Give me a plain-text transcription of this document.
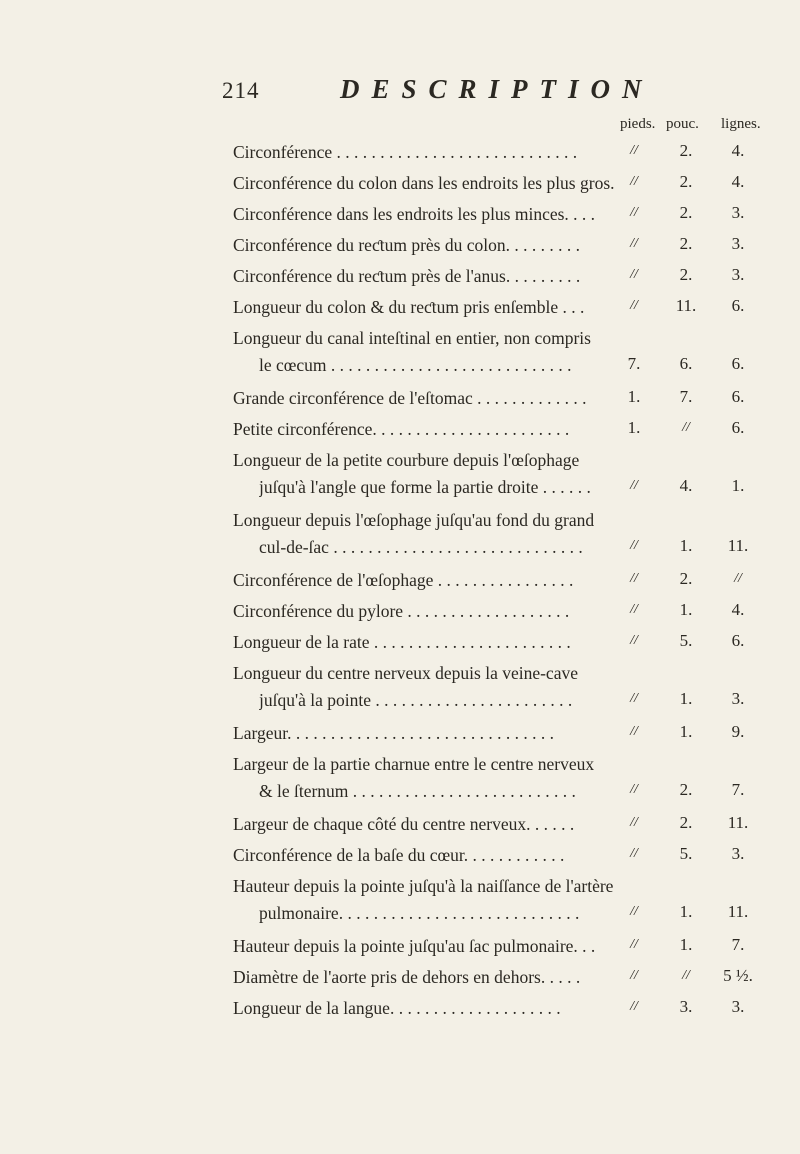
214	DESCRIPTION
pieds. pouc. lignes.
Circonférence . . . . . . . . . . . . . . . . . . . . . . . . . . . .	//	2.	4.
Circonférence du colon dans les endroits les plus gros.	//	2.	4.
Circonférence dans les endroits les plus minces. . . .	//	2.	3.
Circonférence du reƈtum près du colon. . . . . . . . .	//	2.	3.
Circonférence du reƈtum près de l'anus. . . . . . . . .	//	2.	3.
Longueur du colon & du reƈtum pris enſemble . . .	//	11.	6.
Longueur du canal inteſtinal en entier, non compris
le cœcum . . . . . . . . . . . . . . . . . . . . . . . . . . . .	7.	6.	6.
Grande circonférence de l'eſtomac . . . . . . . . . . . . .	1.	7.	6.
Petite circonférence. . . . . . . . . . . . . . . . . . . . . . .	1.	//	6.
Longueur de la petite courbure depuis l'œſophage
juſqu'à l'angle que forme la partie droite . . . . . .	//	4.	1.
Longueur depuis l'œſophage juſqu'au fond du grand
cul-de-ſac . . . . . . . . . . . . . . . . . . . . . . . . . . . . .	//	1.	11.
Circonférence de l'œſophage . . . . . . . . . . . . . . . .	//	2.	//
Circonférence du pylore . . . . . . . . . . . . . . . . . . .	//	1.	4.
Longueur de la rate . . . . . . . . . . . . . . . . . . . . . . .	//	5.	6.
Longueur du centre nerveux depuis la veine-cave
juſqu'à la pointe . . . . . . . . . . . . . . . . . . . . . . .	//	1.	3.
Largeur. . . . . . . . . . . . . . . . . . . . . . . . . . . . . . .	//	1.	9.
Largeur de la partie charnue entre le centre nerveux
& le ſternum . . . . . . . . . . . . . . . . . . . . . . . . . .	//	2.	7.
Largeur de chaque côté du centre nerveux. . . . . .	//	2.	11.
Circonférence de la baſe du cœur. . . . . . . . . . . .	//	5.	3.
Hauteur depuis la pointe juſqu'à la naiſſance de l'artère
pulmonaire. . . . . . . . . . . . . . . . . . . . . . . . . . . .	//	1.	11.
Hauteur depuis la pointe juſqu'au ſac pulmonaire. . .	//	1.	7.
Diamètre de l'aorte pris de dehors en dehors. . . . .	//	//	5 ½.
Longueur de la langue. . . . . . . . . . . . . . . . . . . .	//	3.	3.
